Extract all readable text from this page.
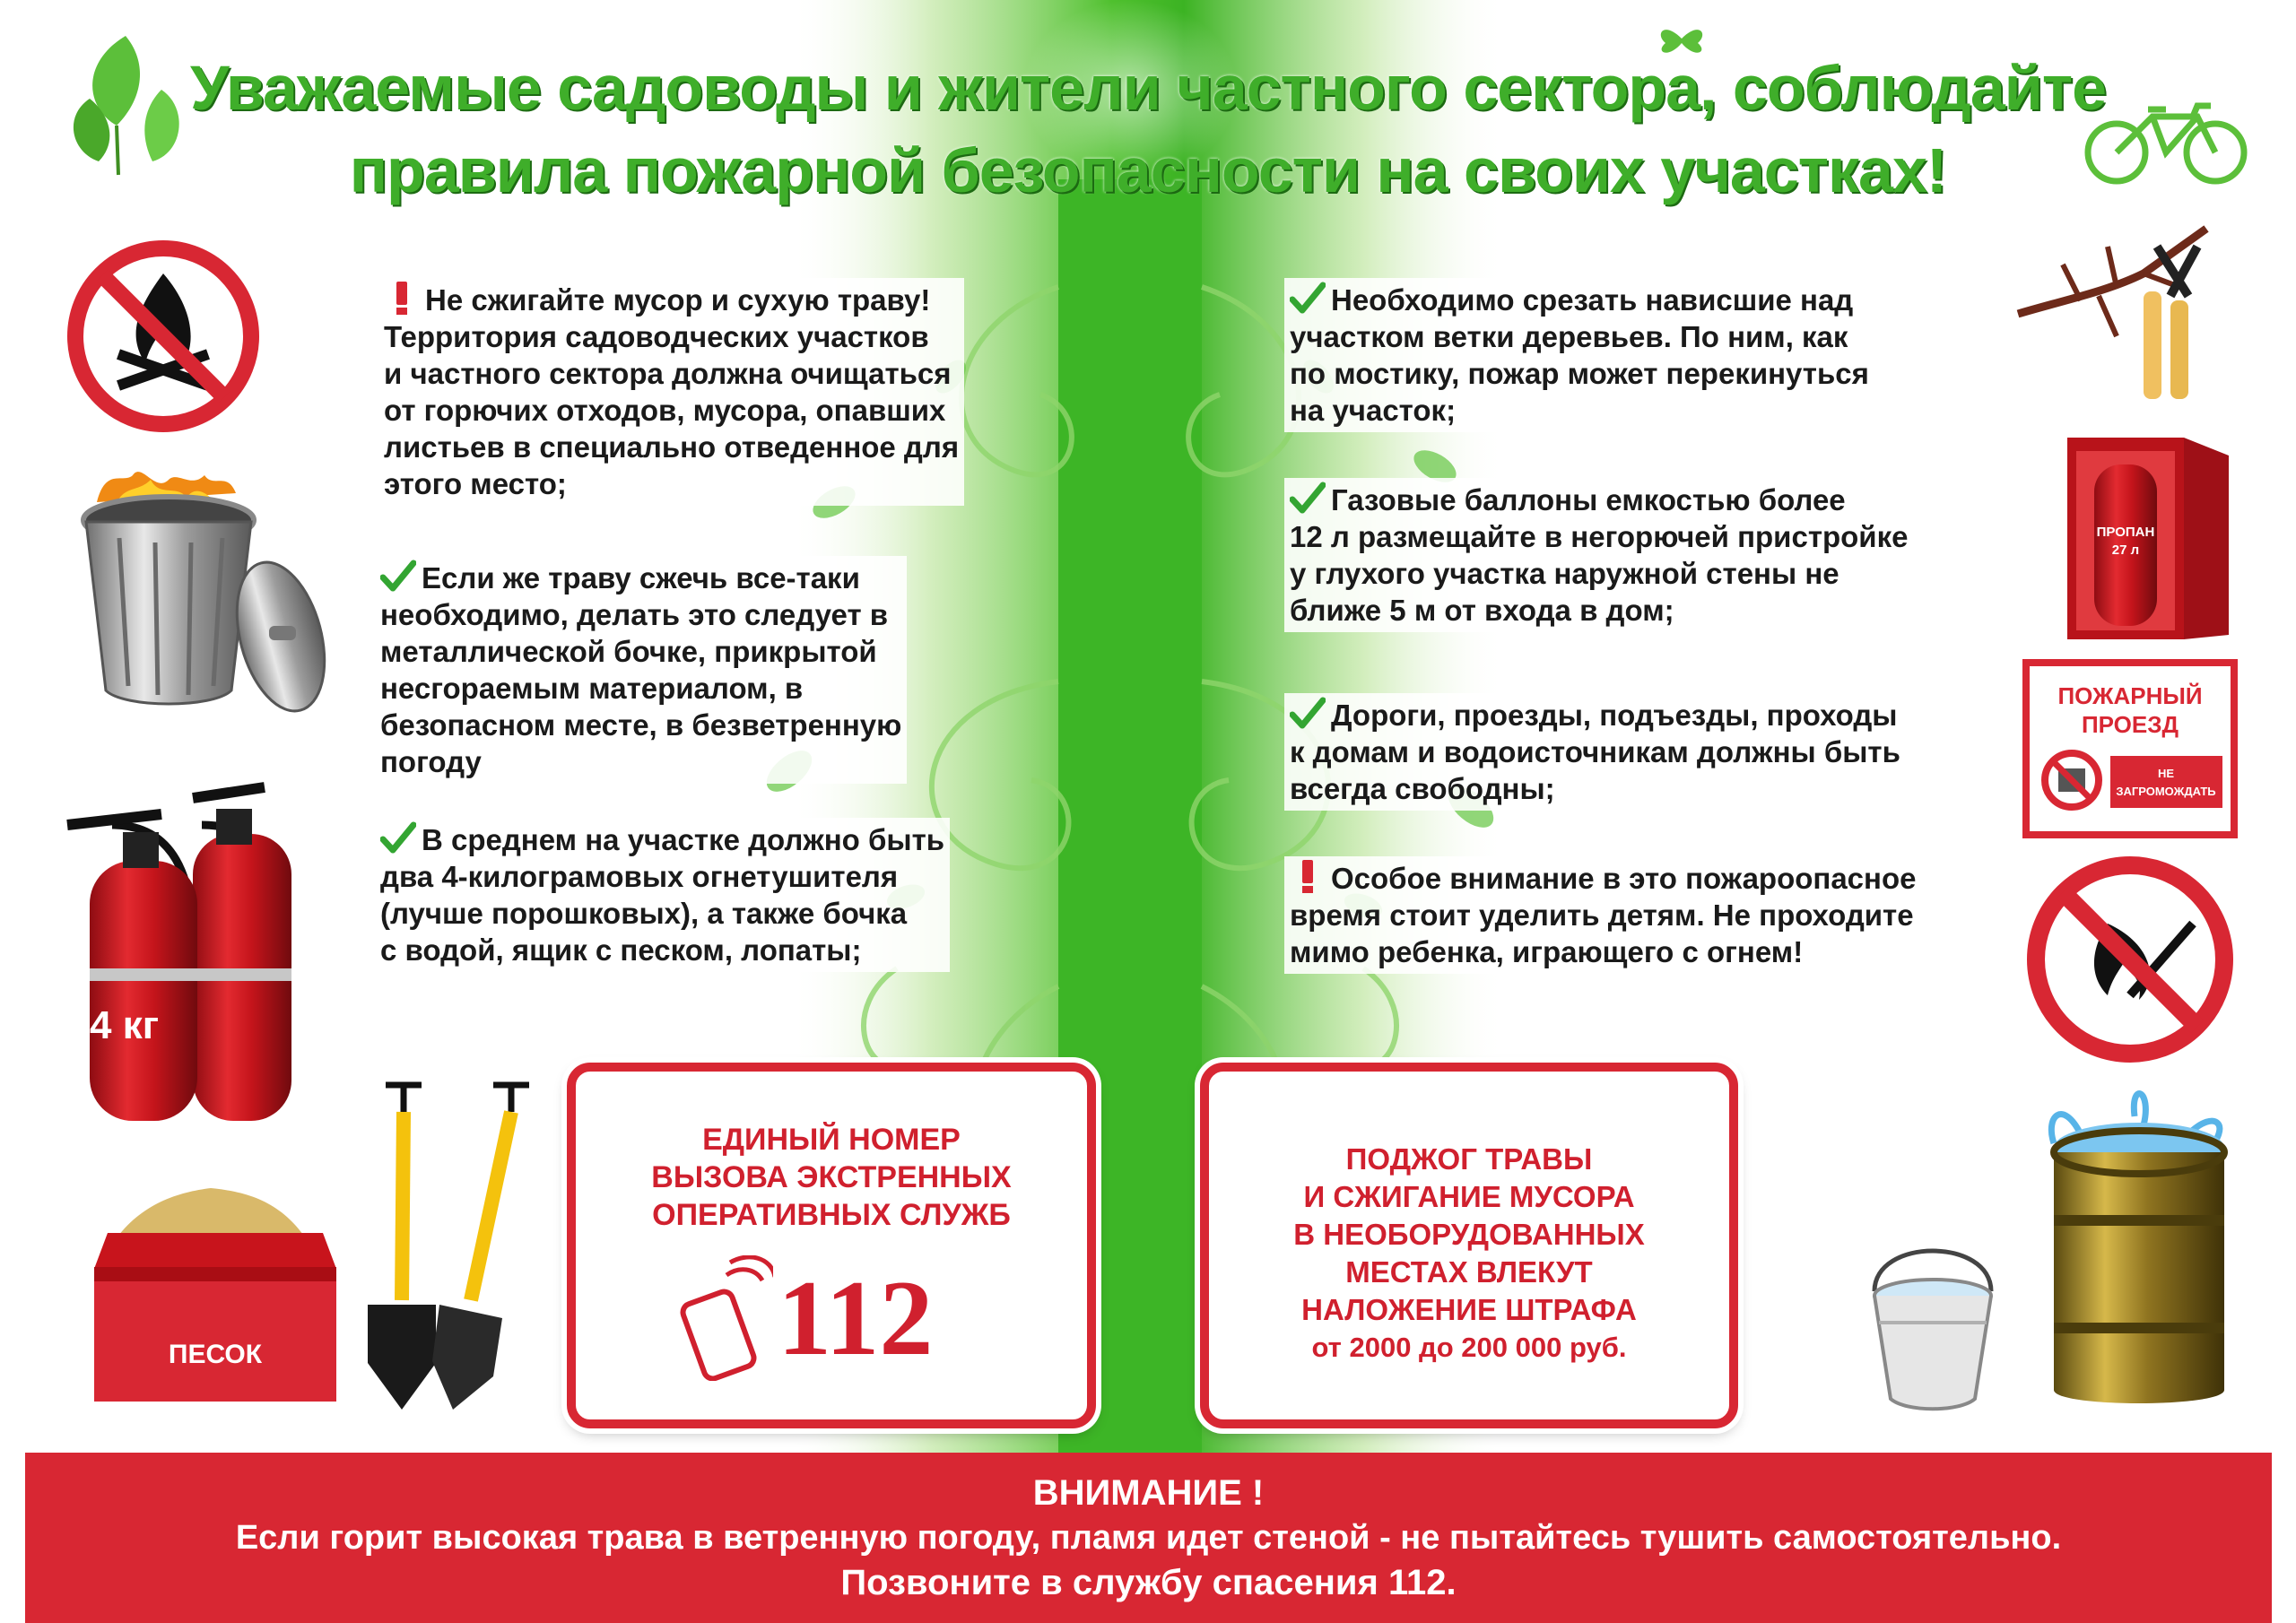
Уважаемые садоводы и жители частного сектора, соблюдайте
правила пожарной безопасности на своих участках!
4 кг
ПЕСОК
ПРОПАН
27 л
ПОЖАРНЫЙ
ПРОЕЗД
НЕ
ЗАГРОМОЖДАТЬ
Не сжигайте мусор и сухую траву!
Территория садоводческих участков
и частного сектора должна очищаться
от горючих отходов, мусора, опавших
листьев в специально отведенное для
этого место;
Если же траву сжечь все-таки
необходимо, делать это следует в
металлической бочке, прикрытой
несгораемым материалом, в
безопасном месте, в безветренную
погоду
В среднем на участке должно быть
два 4-килограмовых огнетушителя
(лучше порошковых), а также бочка
с водой, ящик с песком, лопаты;
Необходимо срезать нависшие над
участком ветки деревьев. По ним, как
по мостику, пожар может перекинуться
на участок;
Газовые баллоны емкостью более
12 л размещайте в негорючей пристройке
у глухого участка наружной стены не
ближе 5 м от входа в дом;
Дороги, проезды, подъезды, проходы
к домам и водоисточникам должны быть
всегда свободны;
Особое внимание в это пожароопасное
время стоит уделить детям. Не проходите
мимо ребенка, играющего с огнем!
ЕДИНЫЙ НОМЕР
ВЫЗОВА ЭКСТРЕННЫХ
ОПЕРАТИВНЫХ СЛУЖБ
112
ПОДЖОГ ТРАВЫ
И СЖИГАНИЕ МУСОРА
В НЕОБОРУДОВАННЫХ
МЕСТАХ ВЛЕКУТ
НАЛОЖЕНИЕ ШТРАФА
от 2000 до 200 000 руб.
ВНИМАНИЕ !
Если горит высокая трава в ветренную погоду, пламя идет стеной - не пытайтесь тушить самостоятельно.
Позвоните в службу спасения 112.
